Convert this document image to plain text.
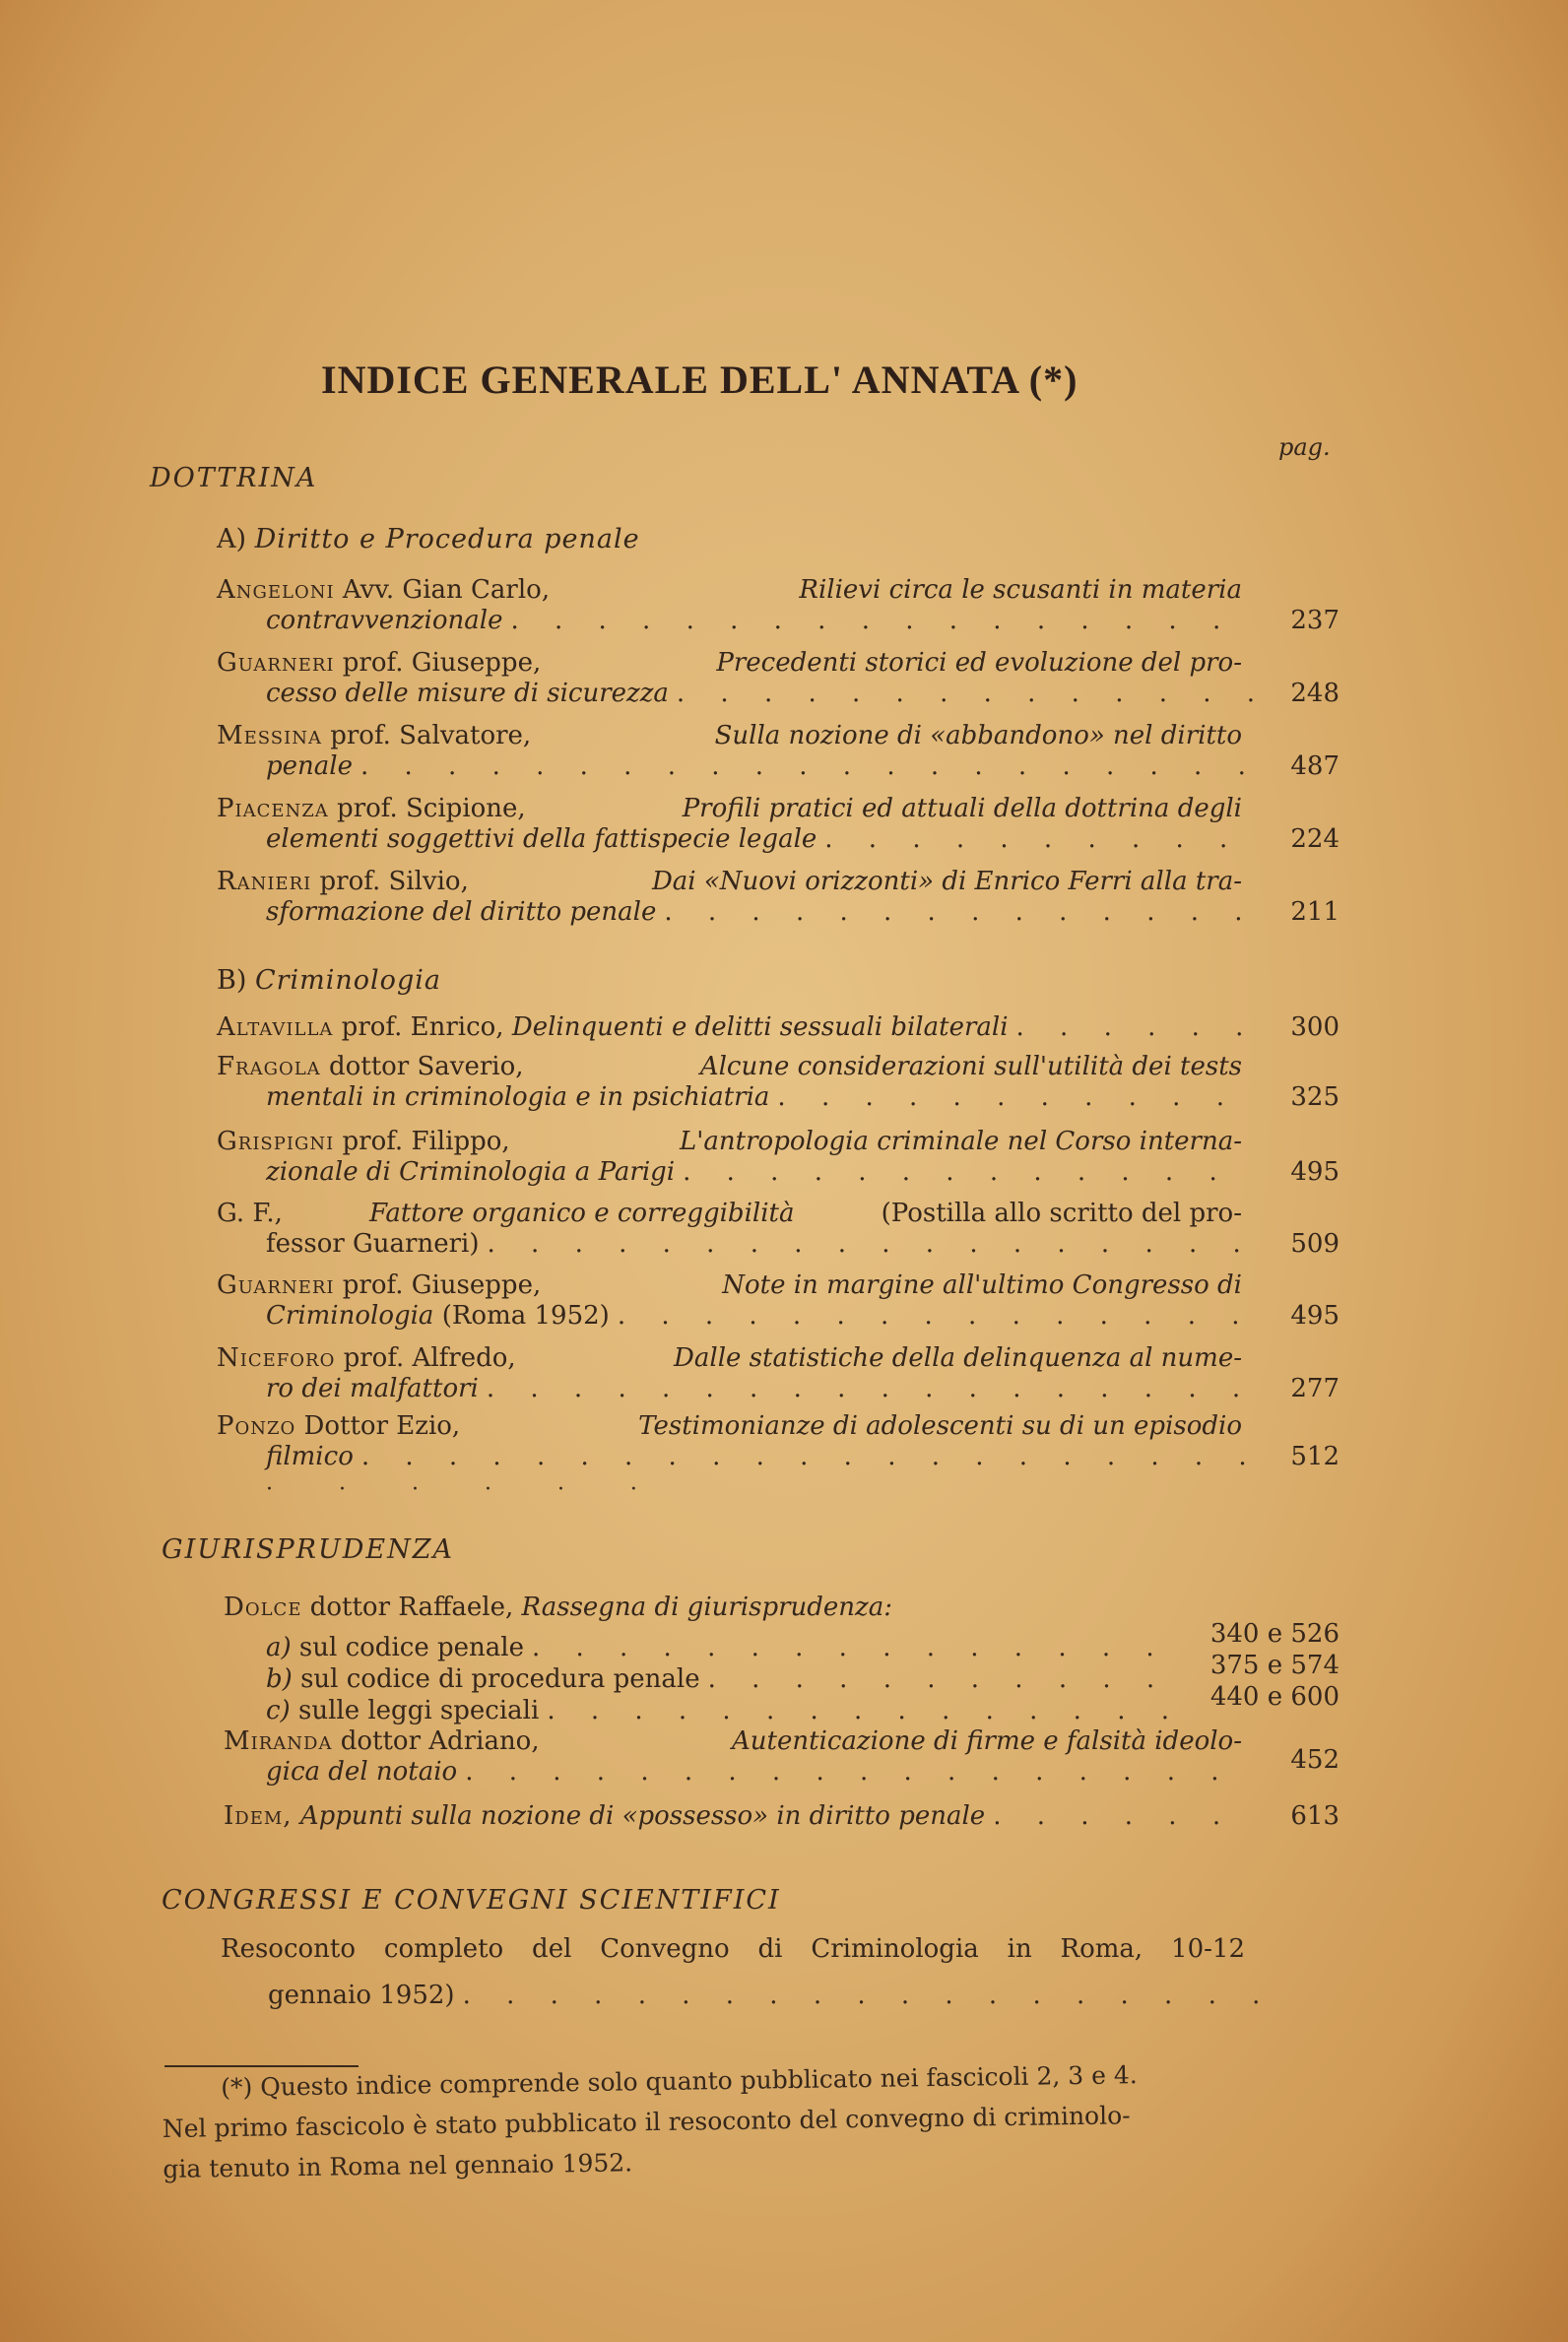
INDICE GENERALE DELL' ANNATA (*)
pag.
DOTTRINA
A) Diritto e Procedura penale
Angeloni Avv. Gian Carlo,	Rilievi circa le scusanti in materia
contravvenzionale . . .	237
Guarneri prof. Giuseppe,	Precedenti storici ed evoluzione del pro-
cesso delle misure di sicurezza . . .	248
Messina prof. Salvatore,	Sulla nozione di «abbandono» nel diritto
penale . . .	487
Piacenza prof. Scipione,	Profili pratici ed attuali della dottrina degli
elementi soggettivi della fattispecie legale . . .	224
Ranieri prof. Silvio,	Dai «Nuovi orizzonti» di Enrico Ferri alla tra-
sformazione del diritto penale . . .	211
B) Criminologia
Altavilla
prof. Enrico,
Delinquenti e delitti sessuali bilaterali . . .	300
Fragola dottor Saverio,	Alcune considerazioni sull'utilità dei tests
mentali in criminologia e in psichiatria . . .	325
Grispigni prof. Filippo,	L'antropologia criminale nel Corso interna-
zionale di Criminologia a Parigi . . .	495
G. F.,	Fattore organico e correggibilità	(Postilla allo scritto del pro-
fessor Guarneri) . . .	509
Guarneri prof. Giuseppe,	Note in margine all'ultimo Congresso di
Criminologia
(Roma 1952) . . .	495
Niceforo prof. Alfredo,	Dalle statistiche della delinquenza al nume-
ro dei malfattori . . .	277
Ponzo Dottor Ezio,	Testimonianze di adolescenti su di un episodio
filmico . . .	512
· · · · · ·
GIURISPRUDENZA
Dolce dottor Raffaele, Rassegna di giurisprudenza:
a)
sul codice penale . . .	340 e 526
b)
sul codice di procedura penale . . .	375 e 574
c)
sulle leggi speciali . . .	440 e 600
Miranda dottor Adriano,	Autenticazione di firme e falsità ideolo-
gica del notaio . . .	452
Idem,
Appunti sulla nozione di «possesso» in diritto penale . . .	613
CONGRESSI E CONVEGNI SCIENTIFICI
Resoconto completo del Convegno di Criminologia in Roma, 10-12
gennaio 1952)
. . .
(*) Questo indice comprende solo quanto pubblicato nei fascicoli 2, 3 e 4.
Nel primo fascicolo è stato pubblicato il resoconto del convegno di criminolo-
gia tenuto in Roma nel gennaio 1952.
